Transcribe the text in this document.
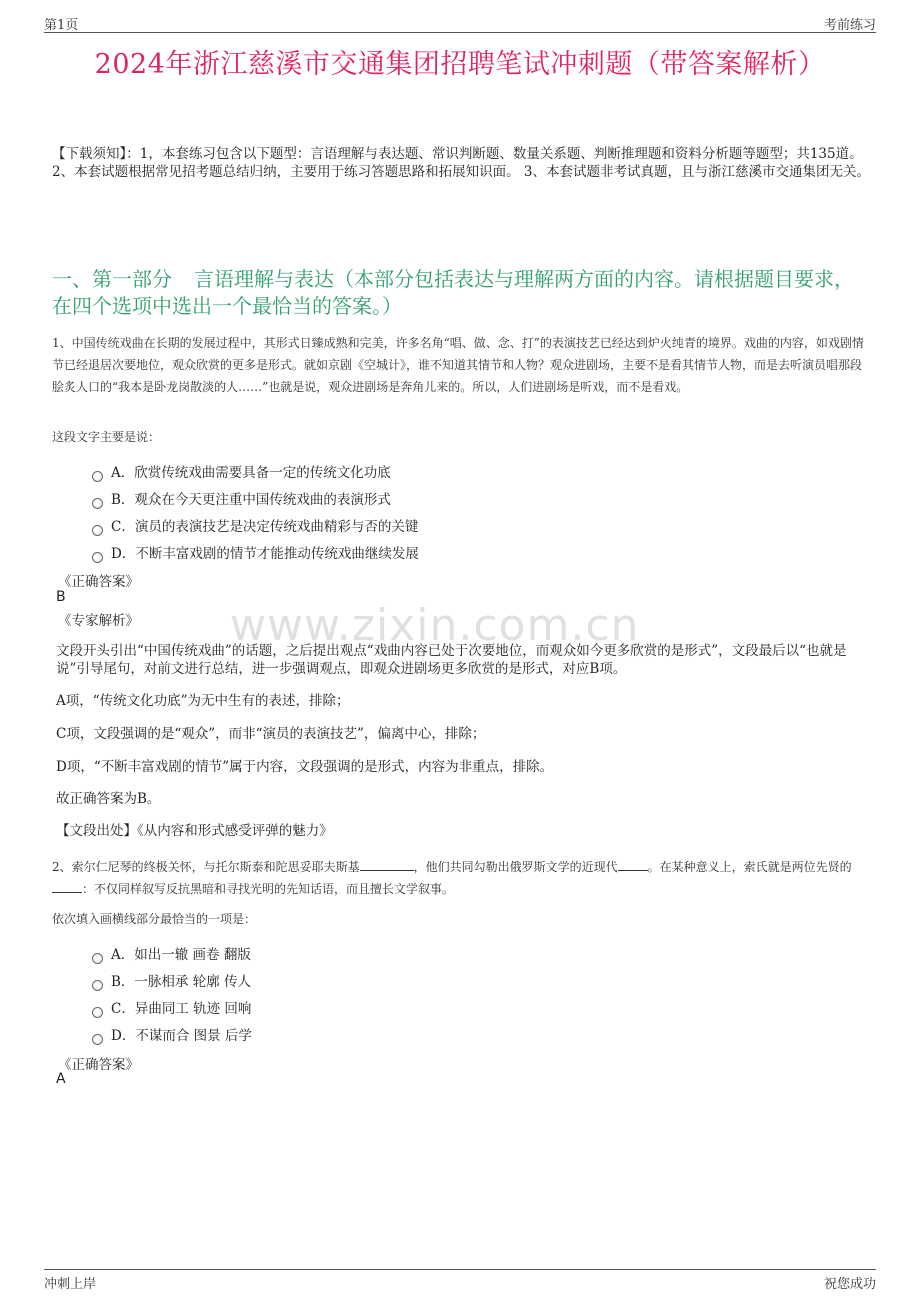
第1页	考前练习
2024年浙江慈溪市交通集团招聘笔试冲刺题（带答案解析）
【下载须知】：1，本套练习包含以下题型：言语理解与表达题、常识判断题、数量关系题、判断推理题和资料分析题等题型；共135道。 2、本套试题根据常见招考题总结归纳，主要用于练习答题思路和拓展知识面。 3、本套试题非考试真题，且与浙江慈溪市交通集团无关。
一、第一部分 言语理解与表达（本部分包括表达与理解两方面的内容。请根据题目要求，在四个选项中选出一个最恰当的答案。）
www.zixin.com.cn
1、中国传统戏曲在长期的发展过程中，其形式日臻成熟和完美，许多名角“唱、做、念、打”的表演技艺已经达到炉火纯青的境界。戏曲的内容，如戏剧情节已经退居次要地位，观众欣赏的更多是形式。就如京剧《空城计》，谁不知道其情节和人物？观众进剧场，主要不是看其情节人物，而是去听演员唱那段脍炙人口的“我本是卧龙岗散淡的人……”也就是说，观众进剧场是奔角儿来的。所以，人们进剧场是听戏，而不是看戏。
这段文字主要是说：
A．欣赏传统戏曲需要具备一定的传统文化功底
B．观众在今天更注重中国传统戏曲的表演形式
C．演员的表演技艺是决定传统戏曲精彩与否的关键
D．不断丰富戏剧的情节才能推动传统戏曲继续发展
《正确答案》
B
《专家解析》
文段开头引出“中国传统戏曲”的话题，之后提出观点“戏曲内容已处于次要地位，而观众如今更多欣赏的是形式”，文段最后以“也就是说”引导尾句，对前文进行总结，进一步强调观点，即观众进剧场更多欣赏的是形式，对应B项。
A项，“传统文化功底”为无中生有的表述，排除；
C项，文段强调的是“观众”，而非“演员的表演技艺”，偏离中心，排除；
D项，“不断丰富戏剧的情节”属于内容，文段强调的是形式，内容为非重点，排除。
故正确答案为B。
【文段出处】《从内容和形式感受评弹的魅力》
2、索尔仁尼琴的终极关怀，与托尔斯泰和陀思妥耶夫斯基	，他们共同勾勒出俄罗斯文学的近现代	。在某种意义上，索氏就是两位先贤的：不仅同样叙写反抗黑暗和寻找光明的先知话语，而且擅长文学叙事。
依次填入画横线部分最恰当的一项是：
A．如出一辙 画卷 翻版
B．一脉相承 轮廓 传人
C．异曲同工 轨迹 回响
D．不谋而合 图景 后学
《正确答案》
A
冲刺上岸	祝您成功
